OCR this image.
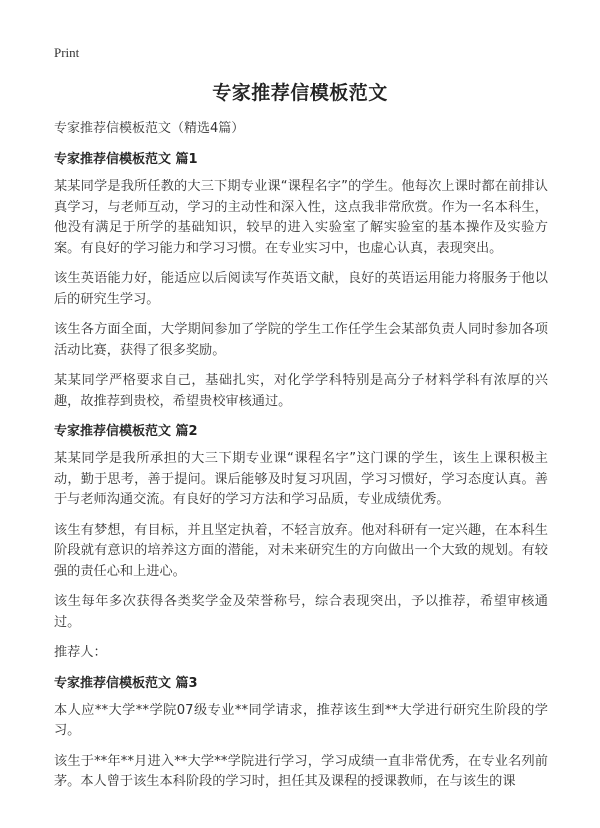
Print
专家推荐信模板范文
专家推荐信模板范文（精选4篇）
专家推荐信模板范文 篇1

某某同学是我所任教的大三下期专业课“课程名字”的学生。他每次上课时都在前排认真学习，与老师互动，学习的主动性和深入性，这点我非常欣赏。作为一名本科生，他没有满足于所学的基础知识，较早的进入实验室了解实验室的基本操作及实验方案。有良好的学习能力和学习习惯。在专业实习中，也虚心认真，表现突出。

该生英语能力好，能适应以后阅读写作英语文献，良好的英语运用能力将服务于他以后的研究生学习。

该生各方面全面，大学期间参加了学院的学生工作任学生会某部负责人同时参加各项活动比赛，获得了很多奖励。

某某同学严格要求自己，基础扎实，对化学学科特别是高分子材料学科有浓厚的兴趣，故推荐到贵校，希望贵校审核通过。

专家推荐信模板范文 篇2

某某同学是我所承担的大三下期专业课“课程名字”这门课的学生，该生上课积极主动，勤于思考，善于提问。课后能够及时复习巩固，学习习惯好，学习态度认真。善于与老师沟通交流。有良好的学习方法和学习品质，专业成绩优秀。

该生有梦想，有目标，并且坚定执着，不轻言放弃。他对科研有一定兴趣，在本科生阶段就有意识的培养这方面的潜能，对未来研究生的方向做出一个大致的规划。有较强的责任心和上进心。

该生每年多次获得各类奖学金及荣誉称号，综合表现突出，予以推荐，希望审核通过。

推荐人：

专家推荐信模板范文 篇3

本人应**大学**学院07级专业**同学请求，推荐该生到**大学进行研究生阶段的学习。

该生于**年**月进入**大学**学院进行学习，学习成绩一直非常优秀，在专业名列前茅。本人曾于该生本科阶段的学习时，担任其及课程的授课教师，在与该生的课
